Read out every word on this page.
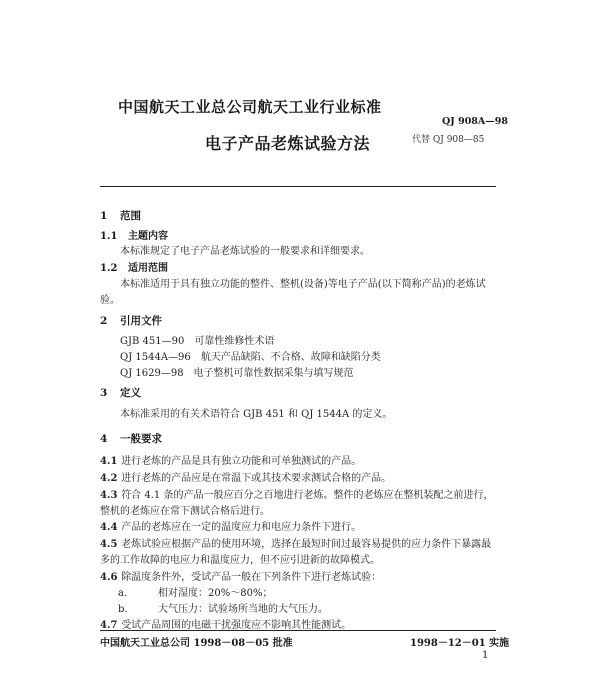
中国航天工业总公司航天工业行业标准
QJ 908A—98
代替 QJ 908—85
电子产品老炼试验方法
1 范围
1.1 主题内容
本标准规定了电子产品老炼试验的一般要求和详细要求。
1.2 适用范围
本标准适用于具有独立功能的整件、整机(设备)等电子产品(以下简称产品)的老炼试
验。
2 引用文件
GJB 451—90　可靠性维修性术语
QJ 1544A—96　航天产品缺陷、不合格、故障和缺陷分类
QJ 1629—98　电子整机可靠性数据采集与填写规范
3 定义
本标准采用的有关术语符合 GJB 451 和 QJ 1544A 的定义。
4 一般要求
4.1 进行老炼的产品是具有独立功能和可单独测试的产品。
4.2 进行老炼的产品应是在常温下或其技术要求测试合格的产品。
4.3 符合 4.1 条的产品一般应百分之百地进行老炼。整件的老炼应在整机装配之前进行，
整机的老炼应在常下测试合格后进行。
4.4 产品的老炼应在一定的温度应力和电应力条件下进行。
4.5 老炼试验应根据产品的使用环境，选择在最短时间过最容易提供的应力条件下暴露最
多的工作故障的电应力和温度应力，但不应引进新的故障模式。
4.6 除温度条件外，受试产品一般在下列条件下进行老炼试验：
a.	相对湿度：20%～80%；
b.	大气压力：试验场所当地的大气压力。
4.7 受试产品周围的电磁干扰强度应不影响其性能测试。
中国航天工业总公司 1998－08－05 批准	1998－12－01 实施
1
